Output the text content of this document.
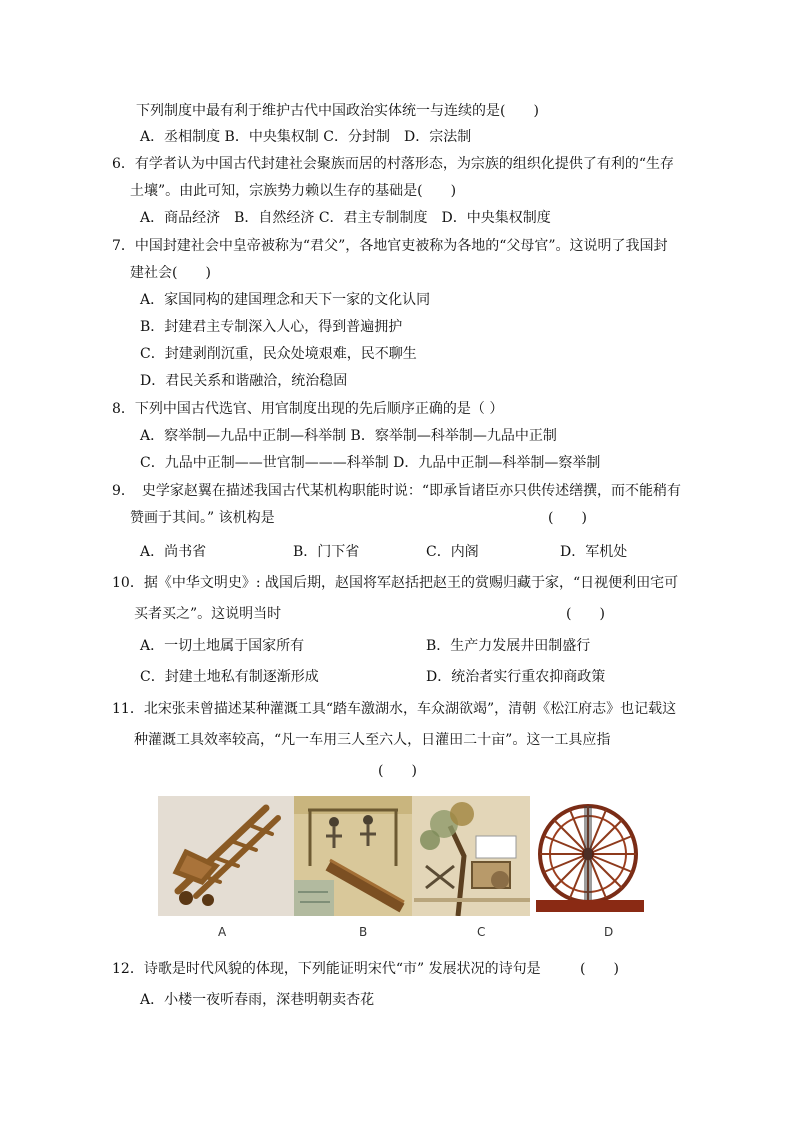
下列制度中最有利于维护古代中国政治实体统一与连续的是(　　)
A．丞相制度 B．中央集权制 C．分封制　D．宗法制
6．有学者认为中国古代封建社会聚族而居的村落形态，为宗族的组织化提供了有利的“生存
土壤”。由此可知，宗族势力赖以生存的基础是(　　)
A．商品经济　B．自然经济 C．君主专制制度　D．中央集权制度
7．中国封建社会中皇帝被称为“君父”，各地官吏被称为各地的“父母官”。这说明了我国封
建社会(　　)
A．家国同构的建国理念和天下一家的文化认同
B．封建君主专制深入人心，得到普遍拥护
C．封建剥削沉重，民众处境艰难，民不聊生
D．君民关系和谐融洽，统治稳固
8．下列中国古代选官、用官制度出现的先后顺序正确的是（ ）
A．察举制—九品中正制—科举制 B．察举制—科举制—九品中正制
C．九品中正制——世官制———科举制 D．九品中正制—科举制—察举制
9．　史学家赵翼在描述我国古代某机构职能时说：“即承旨诸臣亦只供传述缮撰，而不能稍有
赞画于其间。” 该机构是	(　　)
A．尚书省	B．门下省	C．内阁	D．军机处
10．据《中华文明史》: 战国后期，赵国将军赵括把赵王的赏赐归藏于家，“日视便利田宅可
买者买之”。这说明当时	(　　)
A．一切土地属于国家所有	B．生产力发展井田制盛行
C．封建土地私有制逐渐形成	D．统治者实行重农抑商政策
11．北宋张耒曾描述某种灌溉工具“踏车激湖水，车众湖欲竭”，清朝《松江府志》也记载这
种灌溉工具效率较高，“凡一车用三人至六人，日灌田二十亩”。这一工具应指
(　　)
A	B	C	D
12．诗歌是时代风貌的体现，下列能证明宋代“市” 发展状况的诗句是	(　　)
A．小楼一夜听春雨，深巷明朝卖杏花
